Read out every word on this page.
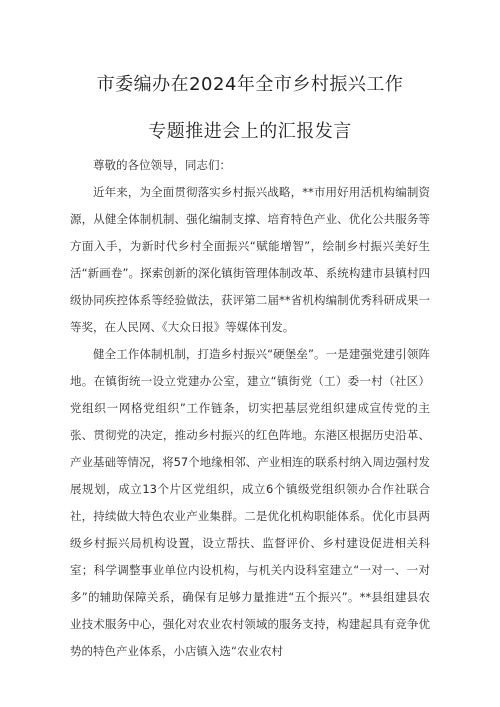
市委编办在2024年全市乡村振兴工作
专题推进会上的汇报发言

尊敬的各位领导，同志们：

近年来，为全面贯彻落实乡村振兴战略，**市用好用活机构编制资源，从健全体制机制、强化编制支撑、培育特色产业、优化公共服务等方面入手，为新时代乡村全面振兴“赋能增智”，绘制乡村振兴美好生活“新画卷”。探索创新的深化镇街管理体制改革、系统构建市县镇村四级协同疾控体系等经验做法，获评第二届**省机构编制优秀科研成果一等奖，在人民网、《大众日报》等媒体刊发。

健全工作体制机制，打造乡村振兴“硬堡垒”。一是建强党建引领阵地。在镇街统一设立党建办公室，建立“镇街党（工）委一村（社区）党组织一网格党组织”工作链条，切实把基层党组织建成宣传党的主张、贯彻党的决定，推动乡村振兴的红色阵地。东港区根据历史沿革、产业基础等情况，将57个地缘相邻、产业相连的联系村纳入周边强村发展规划，成立13个片区党组织，成立6个镇级党组织领办合作社联合社，持续做大特色农业产业集群。二是优化机构职能体系。优化市县两级乡村振兴局机构设置，设立帮扶、监督评价、乡村建设促进相关科室；科学调整事业单位内设机构，与机关内设科室建立“一对一、一对多”的辅助保障关系，确保有足够力量推进“五个振兴”。**县组建县农业技术服务中心，强化对农业农村领域的服务支持，构建起具有竞争优势的特色产业体系，小店镇入选“农业农村
